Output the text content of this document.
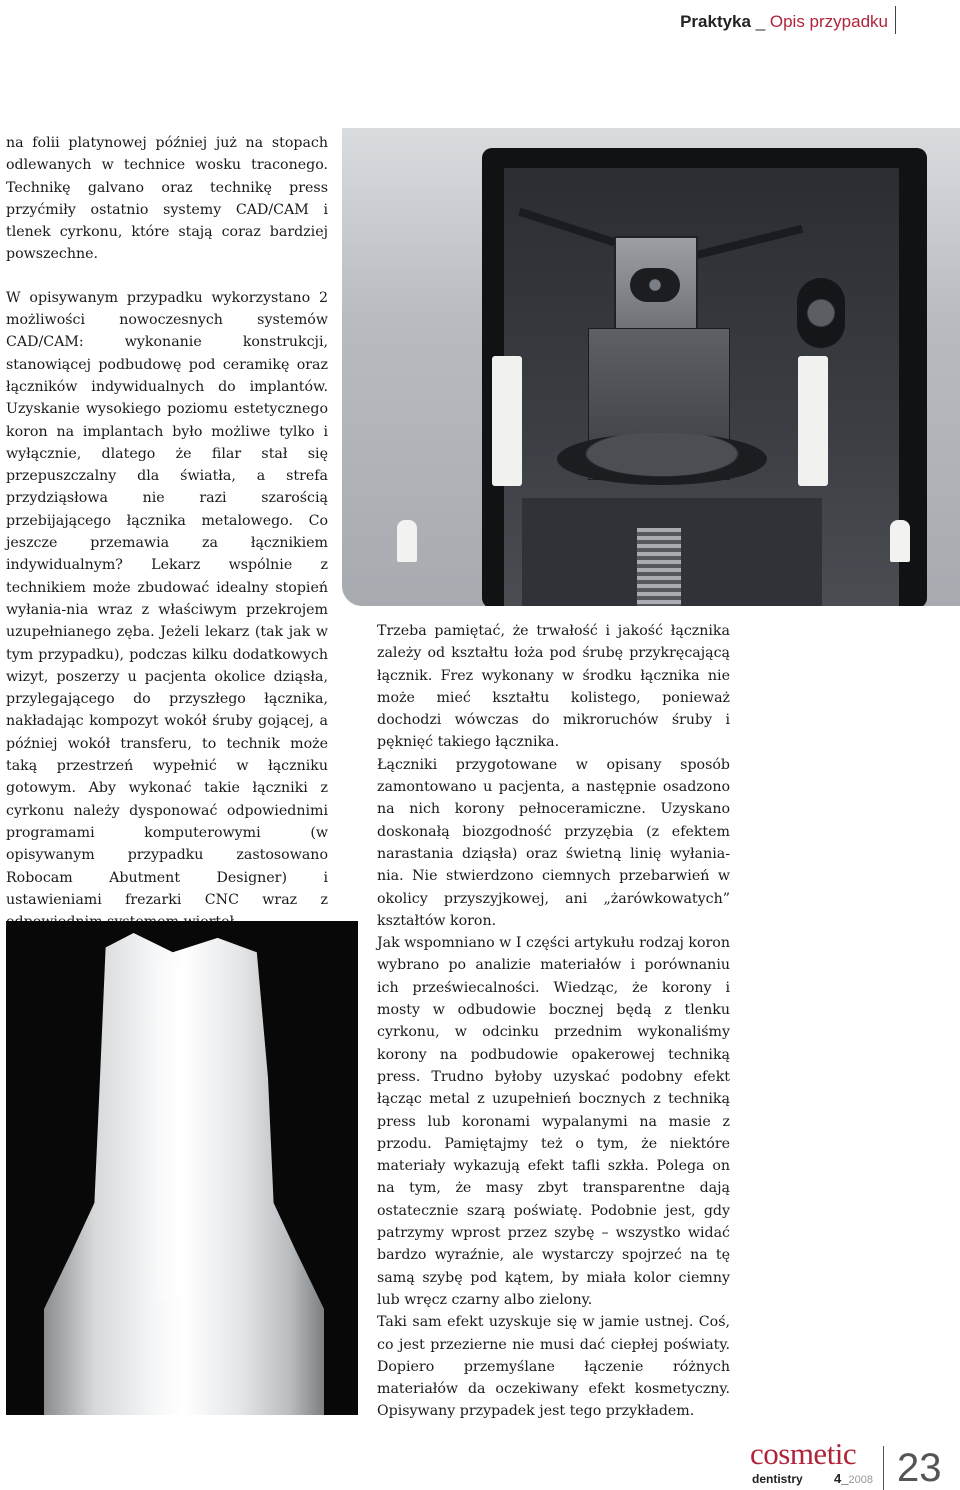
Praktyka _ Opis przypadku

na folii platynowej później już na stopach odlewanych w technice wosku traconego. Technikę galvano oraz technikę press przyćmiły ostatnio systemy CAD/CAM i tlenek cyrkonu, które stają coraz bardziej powszechne.

W opisywanym przypadku wykorzystano 2 możliwości nowoczesnych systemów CAD/CAM: wykonanie konstrukcji, stanowiącej podbudowę pod ceramikę oraz łączników indywidualnych do implantów. Uzyskanie wysokiego poziomu estetycznego koron na implantach było możliwe tylko i wyłącznie, dlatego że filar stał się przepuszczalny dla światła, a strefa przydziąsłowa nie razi szarością przebijającego łącznika metalowego. Co jeszcze przemawia za łącznikiem indywidualnym? Lekarz wspólnie z technikiem może zbudować idealny stopień wyłania-nia wraz z właściwym przekrojem uzupełnianego zęba. Jeżeli lekarz (tak jak w tym przypadku), podczas kilku dodatkowych wizyt, poszerzy u pacjenta okolice dziąsła, przylegającego do przyszłego łącznika, nakładając kompozyt wokół śruby gojącej, a później wokół transferu, to technik może taką przestrzeń wypełnić w łączniku gotowym. Aby wykonać takie łączniki z cyrkonu należy dysponować odpowiednimi programami komputerowymi (w opisywanym przypadku zastosowano Robocam Abutment Designer) i ustawieniami frezarki CNC wraz z

Trzeba pamiętać, że trwałość i jakość łącznika zależy od kształtu łoża pod śrubę przykręcającą łącznik. Frez wykonany w środku łącznika nie może mieć kształtu kolistego, ponieważ dochodzi wówczas do mikroruchów śruby i pęknięć takiego łącznika.

Łączniki przygotowane w opisany sposób zamontowano u pacjenta, a następnie osadzono na nich korony pełnoceramiczne. Uzyskano doskonałą biozgodność przyzębia (z efektem narastania dziąsła) oraz świetną linię wyłania-nia. Nie stwierdzono ciemnych przebarwień w okolicy przyszyjkowej, ani „żarówkowatych” kształtów koron.

Jak wspomniano w I części artykułu rodzaj koron wybrano po analizie materiałów i porównaniu ich przeświecalności. Wiedząc, że korony i mosty w odbudowie bocznej będą z tlenku cyrkonu, w odcinku przednim wykonaliśmy korony na podbudowie opakerowej techniką press. Trudno byłoby uzyskać podobny efekt łącząc metal z uzupełnień bocznych z techniką press lub koronami wypalanymi na masie z przodu. Pamiętajmy też o tym, że niektóre materiały wykazują efekt tafli szkła. Polega on na tym, że masy zbyt transparentne dają ostatecznie szarą poświatę. Podobnie jest, gdy patrzymy wprost przez szybę – wszystko widać bardzo wyraźnie, ale wystarczy spojrzeć na tę samą szybę pod kątem, by miała kolor ciemny lub wręcz czarny albo zielony.

Taki sam efekt uzyskuje się w jamie ustnej. Coś, co jest przezierne nie musi dać ciepłej poświaty. Dopiero przemyślane łączenie różnych materiałów da oczekiwany efekt kosmetyczny. Opisywany przypadek jest tego przykładem.

cosmetic
dentistry 4_2008 23
